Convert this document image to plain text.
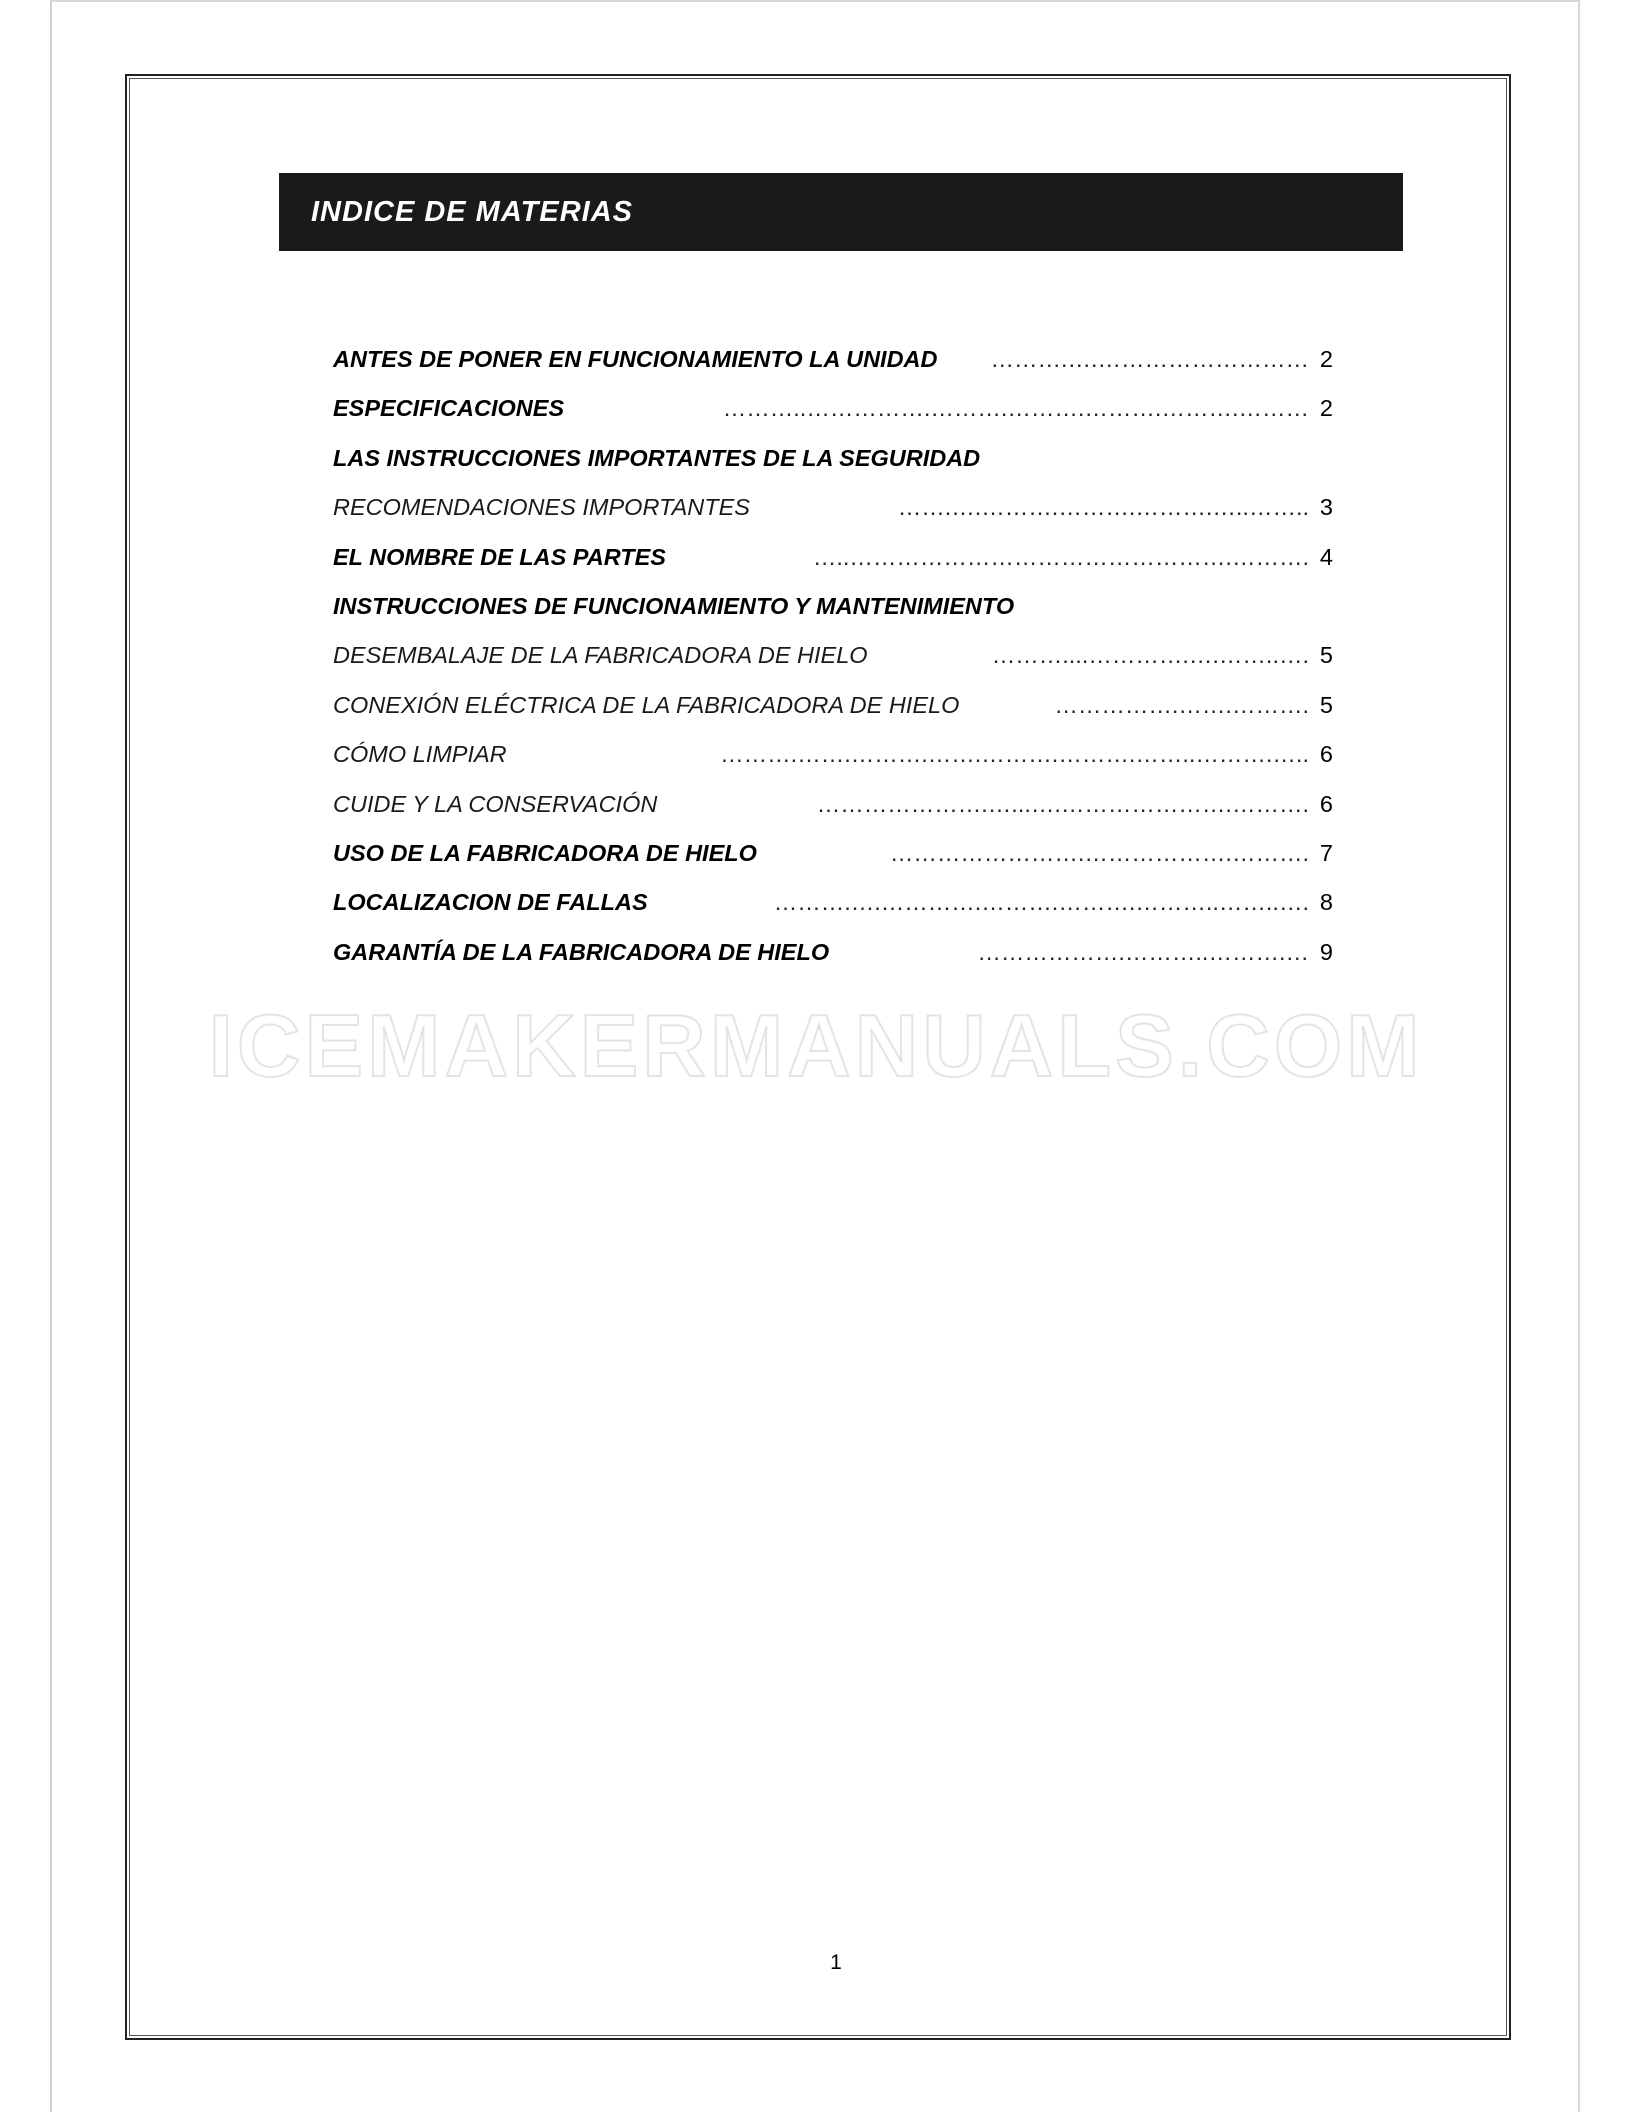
INDICE DE MATERIAS
ANTES DE PONER EN FUNCIONAMIENTO LA UNIDAD	……….….……………………… 2
ESPECIFICACIONES	………..…………….……….……….……….……….……… 2
LAS INSTRUCCIONES IMPORTANTES DE LA SEGURIDAD
RECOMENDACIONES IMPORTANTES	…….….……….……….……….…..…….. 3
EL NOMBRE DE LAS PARTES	…..………………………………………….………. 4
INSTRUCCIONES DE FUNCIONAMIENTO Y MANTENIMIENTO
DESEMBALAJE DE LA FABRICADORA DE HIELO	………....………….….……..…. 5
CONEXIÓN ELÉCTRICA DE LA FABRICADORA DE HIELO	…………….…….………. 5
CÓMO LIMPIAR	……….…….……….…….……….……….……..……….….. 6
CUIDE Y LA CONSERVACIÓN	………………….…...….………………….………. 6
USO DE LA FABRICADORA DE HIELO	…………………….……………….………. 7
LOCALIZACION DE FALLAS	……….….………….……….……….………..……..…. 8
GARANTÍA DE LA FABRICADORA DE HIELO	……………….………..……….… 9
ICEMAKERMANUALS.COM
1
